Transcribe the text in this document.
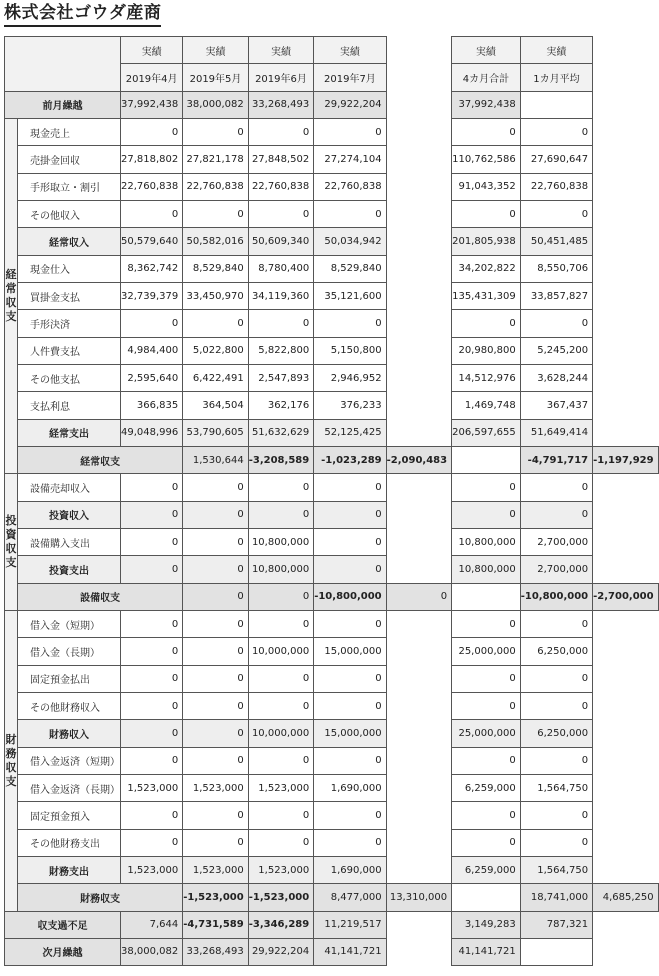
株式会社ゴウダ産商
		実績	実績	実績	実績		実績	実績	
		2019年4月	2019年5月	2019年6月	2019年7月		4カ月合計	1カ月平均	
前月繰越		37,992,438	38,000,082	33,268,493	29,922,204		37,992,438		
経常収支	現金売上	0	0	0	0		0	0	
	売掛金回収	27,818,802	27,821,178	27,848,502	27,274,104		110,762,586	27,690,647	
	手形取立・割引	22,760,838	22,760,838	22,760,838	22,760,838		91,043,352	22,760,838	
	その他収入	0	0	0	0		0	0	
	経常収入	50,579,640	50,582,016	50,609,340	50,034,942		201,805,938	50,451,485	
	現金仕入	8,362,742	8,529,840	8,780,400	8,529,840		34,202,822	8,550,706	
	買掛金支払	32,739,379	33,450,970	34,119,360	35,121,600		135,431,309	33,857,827	
	手形決済	0	0	0	0		0	0	
	人件費支払	4,984,400	5,022,800	5,822,800	5,150,800		20,980,800	5,245,200	
	その他支払	2,595,640	6,422,491	2,547,893	2,946,952		14,512,976	3,628,244	
	支払利息	366,835	364,504	362,176	376,233		1,469,748	367,437	
	経常支出	49,048,996	53,790,605	51,632,629	52,125,425		206,597,655	51,649,414	
	経常収支		1,530,644	-3,208,589	-1,023,289	-2,090,483		-4,791,717	-1,197,929
投資収支	設備売却収入	0	0	0	0		0	0	
	投資収入	0	0	0	0		0	0	
	設備購入支出	0	0	10,800,000	0		10,800,000	2,700,000	
	投資支出	0	0	10,800,000	0		10,800,000	2,700,000	
	設備収支		0	0	-10,800,000	0		-10,800,000	-2,700,000
財務収支	借入金（短期）	0	0	0	0		0	0	
	借入金（長期）	0	0	10,000,000	15,000,000		25,000,000	6,250,000	
	固定預金払出	0	0	0	0		0	0	
	その他財務収入	0	0	0	0		0	0	
	財務収入	0	0	10,000,000	15,000,000		25,000,000	6,250,000	
	借入金返済（短期）	0	0	0	0		0	0	
	借入金返済（長期）	1,523,000	1,523,000	1,523,000	1,690,000		6,259,000	1,564,750	
	固定預金預入	0	0	0	0		0	0	
	その他財務支出	0	0	0	0		0	0	
	財務支出	1,523,000	1,523,000	1,523,000	1,690,000		6,259,000	1,564,750	
	財務収支		-1,523,000	-1,523,000	8,477,000	13,310,000		18,741,000	4,685,250
収支過不足		7,644	-4,731,589	-3,346,289	11,219,517		3,149,283	787,321	
次月繰越		38,000,082	33,268,493	29,922,204	41,141,721		41,141,721		
